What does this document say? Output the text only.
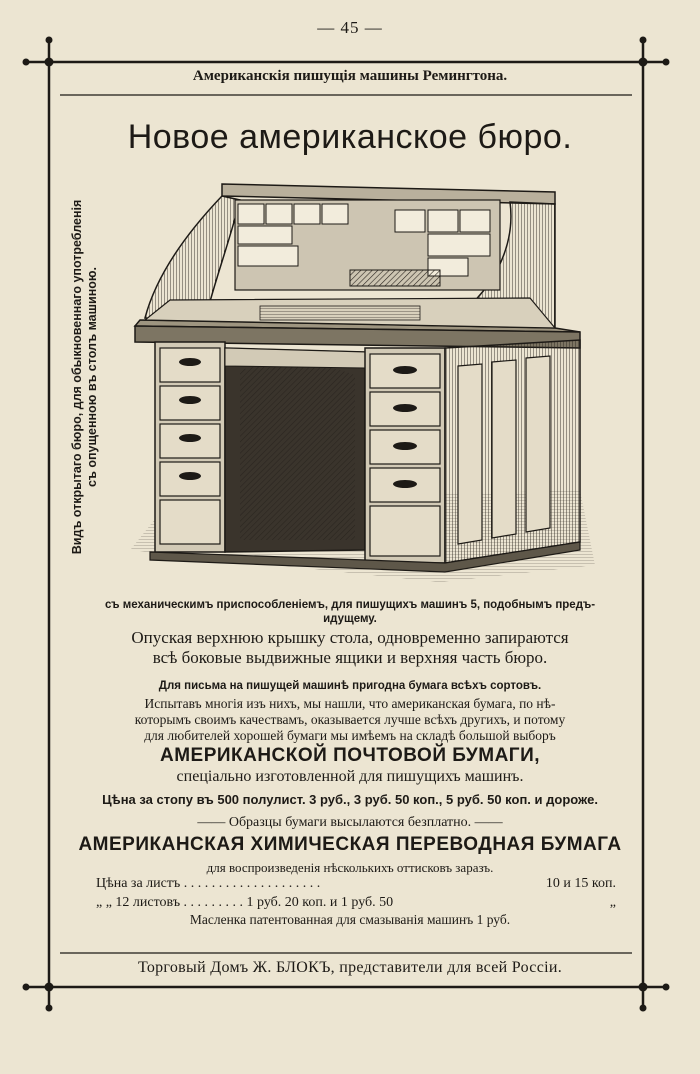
— 45 —
Американскія пишущія машины Ремингтона.
Новое американское бюро.
Видъ открытаго бюро, для обыкновеннаго употребленія съ опущенною въ столъ машиною.
съ механическимъ приспособленіемъ, для пишущихъ машинъ 5, подобнымъ предъ-
идущему.
Опуская верхнюю крышку стола, одновременно запираются
всѣ боковые выдвижные ящики и верхняя часть бюро.
Для письма на пишущей машинѣ пригодна бумага всѣхъ сортовъ.
Испытавъ многія изъ нихъ, мы нашли, что американская бумага, по нѣ-
которымъ своимъ качествамъ, оказывается лучше всѣхъ другихъ, и потому
для любителей хорошей бумаги мы имѣемъ на складѣ большой выборъ
АМЕРИКАНСКОЙ ПОЧТОВОЙ БУМАГИ,
спеціально изготовленной для пишущихъ машинъ.
Цѣна за стопу въ 500 полулист. 3 руб., 3 руб. 50 коп., 5 руб. 50 коп. и дороже.
—— Образцы бумаги высылаются безплатно. ——
АМЕРИКАНСКАЯ ХИМИЧЕСКАЯ ПЕРЕВОДНАЯ БУМАГА
для воспроизведенія нѣсколькихъ оттисковъ заразъ.
Цѣна за листъ . . . . . . . . . . . . . . . . . . . .	10 и 15 коп.
„ „ 12 листовъ . . . . . . . . . 1 руб. 20 коп. и 1 руб. 50	„
Масленка патентованная для смазыванія машинъ 1 руб.
Торговый Домъ Ж. БЛОКЪ, представители для всей Россіи.
